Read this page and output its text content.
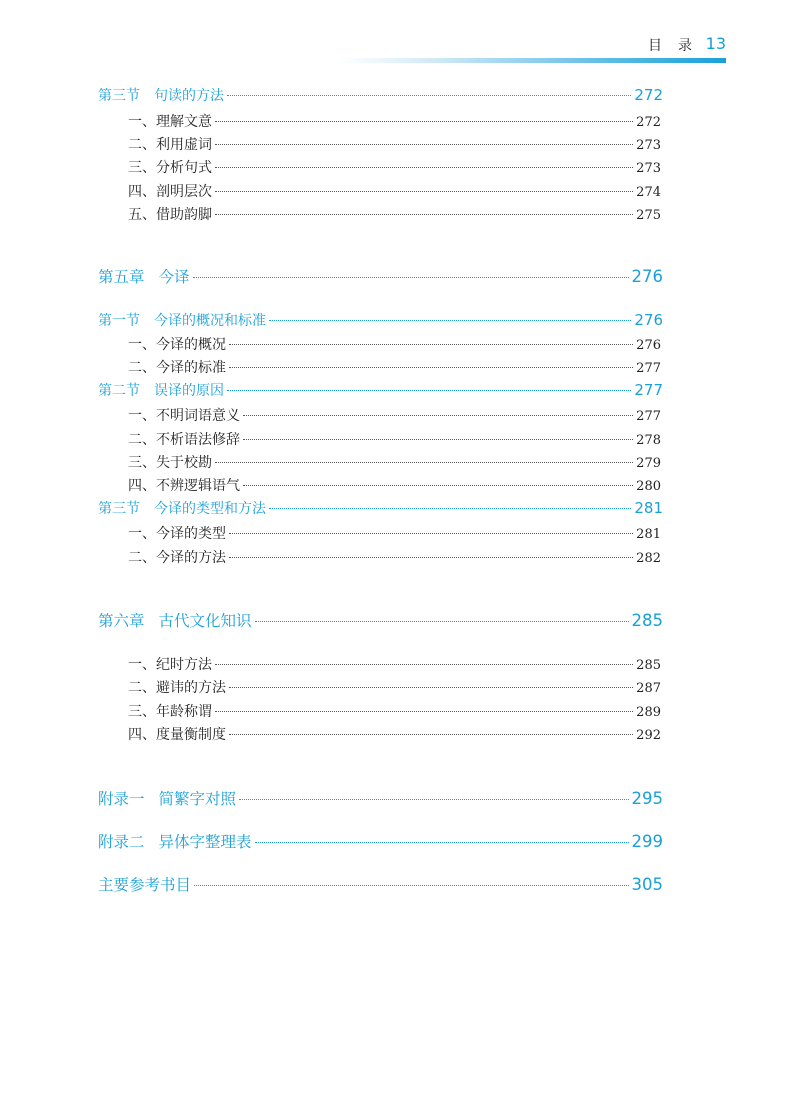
目录
13
第三节 句读的方法	272
一、理解文意	272
二、利用虚词	273
三、分析句式	273
四、剖明层次	274
五、借助韵脚	275
第五章 今译	276
第一节 今译的概况和标准	276
一、今译的概况	276
二、今译的标准	277
第二节 误译的原因	277
一、不明词语意义	277
二、不析语法修辞	278
三、失于校勘	279
四、不辨逻辑语气	280
第三节 今译的类型和方法	281
一、今译的类型	281
二、今译的方法	282
第六章 古代文化知识	285
一、纪时方法	285
二、避讳的方法	287
三、年龄称谓	289
四、度量衡制度	292
附录一 简繁字对照	295
附录二 异体字整理表	299
主要参考书目	305
